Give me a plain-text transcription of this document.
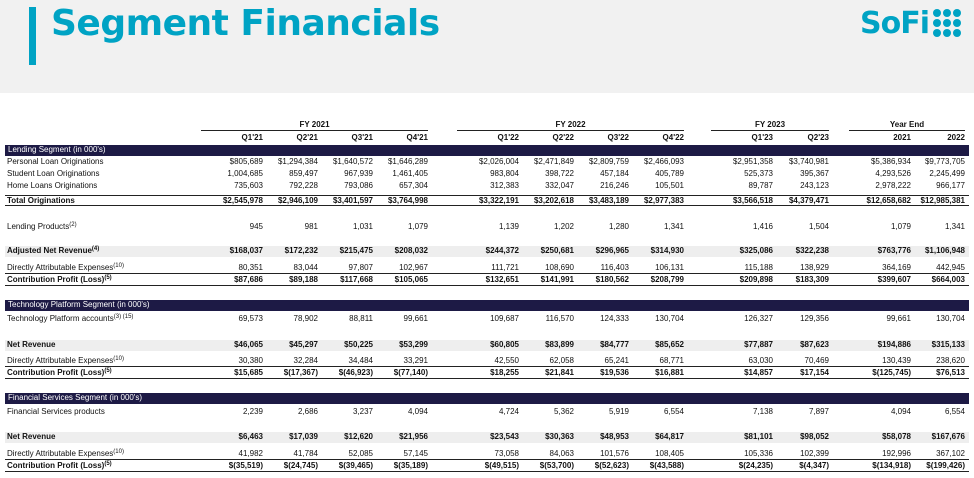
Segment Financials	SoFi
FY 2021	FY 2022	FY 2023	Year End
Q1'21	Q2'21	Q3'21	Q4'21	Q1'22	Q2'22	Q3'22	Q4'22	Q1'23	Q2'23	2021	2022
Lending Segment (in 000's)
Personal Loan Originations	$805,689	$1,294,384	$1,640,572	$1,646,289	$2,026,004	$2,471,849	$2,809,759	$2,466,093	$2,951,358	$3,740,981	$5,386,934	$9,773,705
Student Loan Originations	1,004,685	859,497	967,939	1,461,405	983,804	398,722	457,184	405,789	525,373	395,367	4,293,526	2,245,499
Home Loans Originations	735,603	792,228	793,086	657,304	312,383	332,047	216,246	105,501	89,787	243,123	2,978,222	966,177
Total Originations	$2,545,978	$2,946,109	$3,401,597	$3,764,998	$3,322,191	$3,202,618	$3,483,189	$2,977,383	$3,566,518	$4,379,471	$12,658,682	$12,985,381
Lending Products$^{(2)}$	945	981	1,031	1,079	1,139	1,202	1,280	1,341	1,416	1,504	1,079	1,341
Adjusted Net Revenue$^{(4)}$	$168,037	$172,232	$215,475	$208,032	$244,372	$250,681	$296,965	$314,930	$325,086	$322,238	$763,776	$1,106,948
Directly Attributable Expenses$^{(10)}$	80,351	83,044	97,807	102,967	111,721	108,690	116,403	106,131	115,188	138,929	364,169	442,945
Contribution Profit (Loss)$^{(5)}$	$87,686	$89,188	$117,668	$105,065	$132,651	$141,991	$180,562	$208,799	$209,898	$183,309	$399,607	$664,003
Technology Platform Segment (in 000's)
Technology Platform accounts$^{(3) (15)}$	69,573	78,902	88,811	99,661	109,687	116,570	124,333	130,704	126,327	129,356	99,661	130,704
Net Revenue	$46,065	$45,297	$50,225	$53,299	$60,805	$83,899	$84,777	$85,652	$77,887	$87,623	$194,886	$315,133
Directly Attributable Expenses$^{(10)}$	30,380	32,284	34,484	33,291	42,550	62,058	65,241	68,771	63,030	70,469	130,439	238,620
Contribution Profit (Loss)$^{(5)}$	$15,685	$(17,367)	$(46,923)	$(77,140)	$18,255	$21,841	$19,536	$16,881	$14,857	$17,154	$(125,745)	$76,513
Financial Services Segment (in 000's)
Financial Services products	2,239	2,686	3,237	4,094	4,724	5,362	5,919	6,554	7,138	7,897	4,094	6,554
Net Revenue	$6,463	$17,039	$12,620	$21,956	$23,543	$30,363	$48,953	$64,817	$81,101	$98,052	$58,078	$167,676
Directly Attributable Expenses$^{(10)}$	41,982	41,784	52,085	57,145	73,058	84,063	101,576	108,405	105,336	102,399	192,996	367,102
Contribution Profit (Loss)$^{(5)}$	$(35,519)	$(24,745)	$(39,465)	$(35,189)	$(49,515)	$(53,700)	$(52,623)	$(43,588)	$(24,235)	$(4,347)	$(134,918)	$(199,426)
